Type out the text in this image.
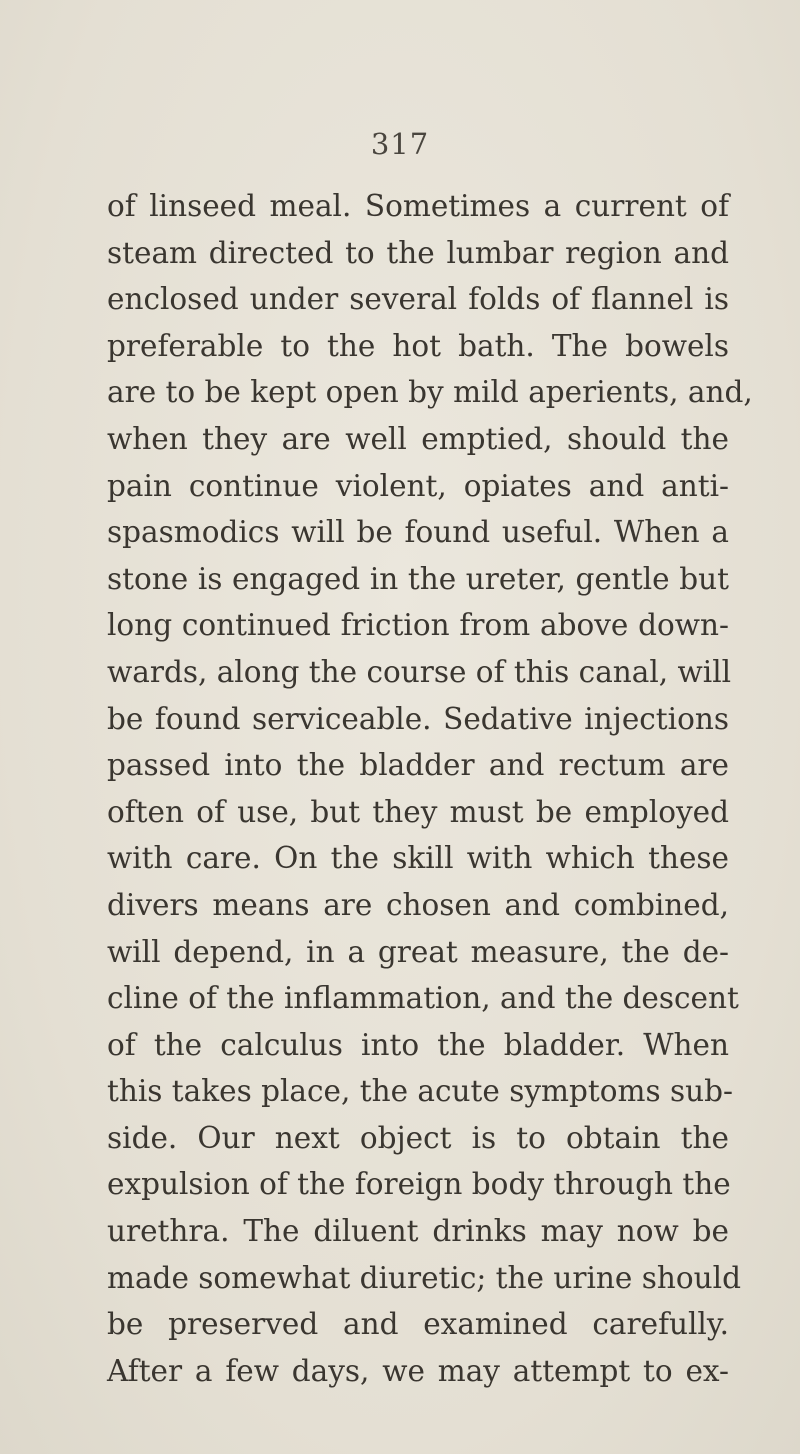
317
of linseed meal. Sometimes a current of
steam directed to the lumbar region and
enclosed under several folds of flannel is
preferable to the hot bath. The bowels
are to be kept open by mild aperients, and,
when they are well emptied, should the
pain continue violent, opiates and anti-
spasmodics will be found useful. When a
stone is engaged in the ureter, gentle but
long continued friction from above down-
wards, along the course of this canal, will
be found serviceable. Sedative injections
passed into the bladder and rectum are
often of use, but they must be employed
with care. On the skill with which these
divers means are chosen and combined,
will depend, in a great measure, the de-
cline of the inflammation, and the descent
of the calculus into the bladder. When
this takes place, the acute symptoms sub-
side. Our next object is to obtain the
expulsion of the foreign body through the
urethra. The diluent drinks may now be
made somewhat diuretic; the urine should
be preserved and examined carefully.
After a few days, we may attempt to ex-
